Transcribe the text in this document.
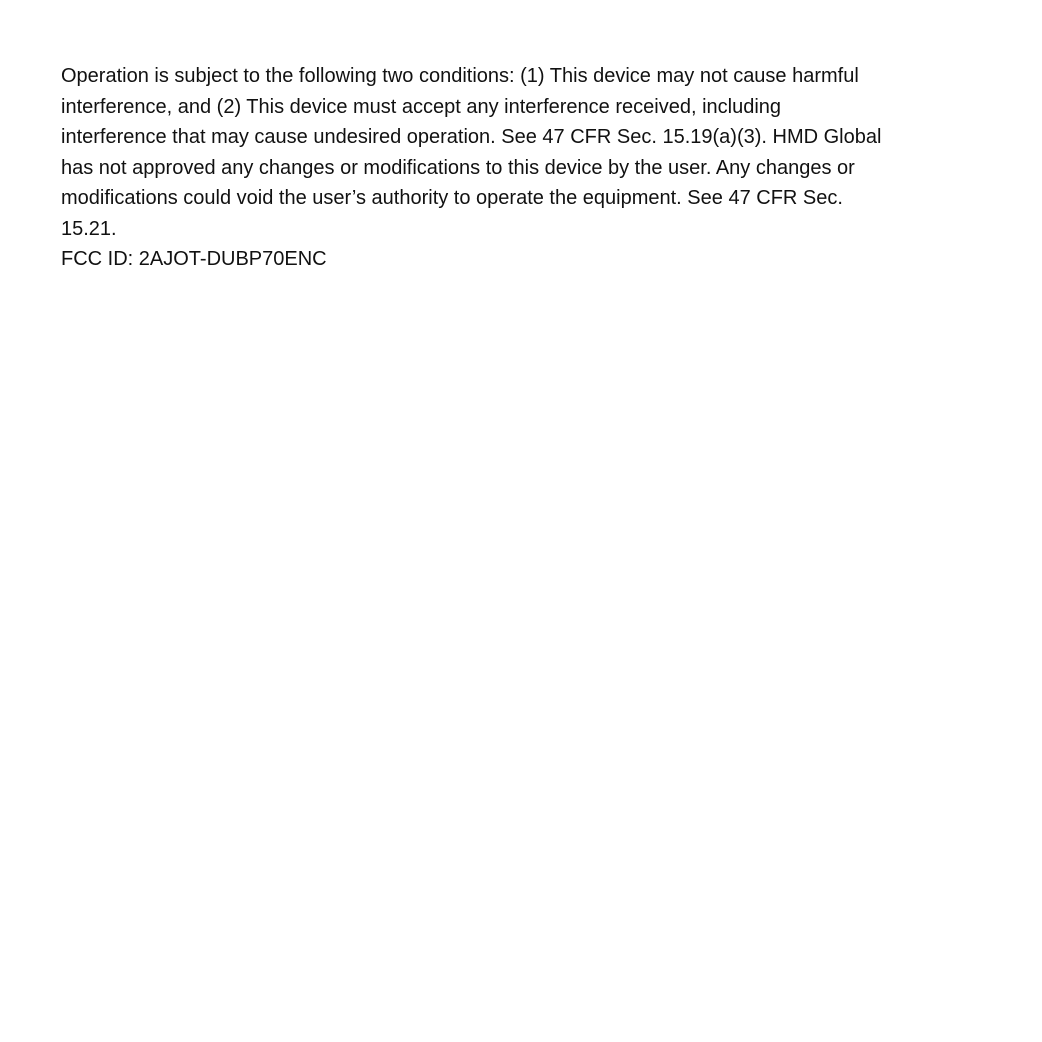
Operation is subject to the following two conditions: (1) This device may not cause harmful
interference, and (2) This device must accept any interference received, including
interference that may cause undesired operation. See 47 CFR Sec. 15.19(a)(3). HMD Global
has not approved any changes or modifications to this device by the user. Any changes or
modifications could void the user’s authority to operate the equipment. See 47 CFR Sec.
15.21.
FCC ID: 2AJOT-DUBP70ENC
